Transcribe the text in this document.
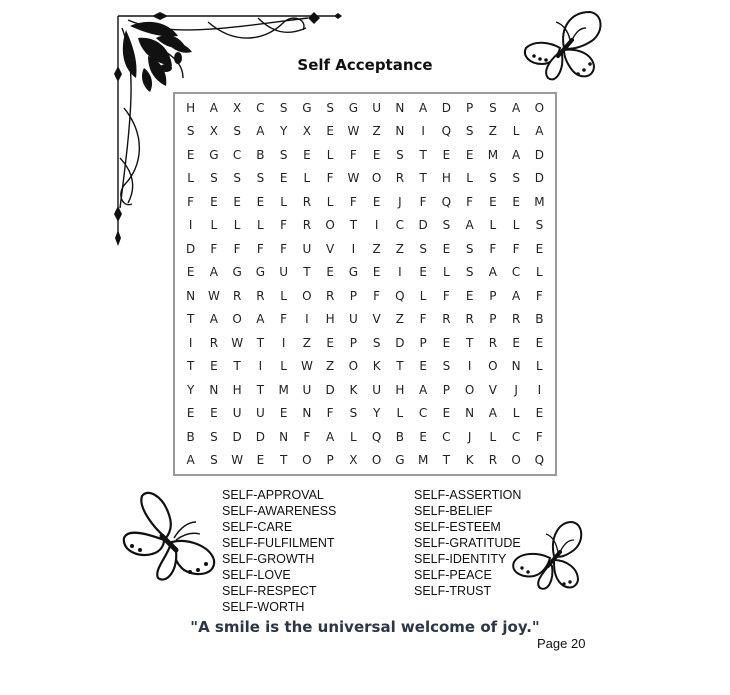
Self Acceptance
H	A	X	C	S	G	S	G	U	N	A	D	P	S	A	O
S	X	S	A	Y	X	E	W	Z	N	I	Q	S	Z	L	A
E	G	C	B	S	E	L	F	E	S	T	E	E	M	A	D
L	S	S	S	E	L	F	W	O	R	T	H	L	S	S	D
F	E	E	E	L	R	L	F	E	J	F	Q	F	E	E	M
I	L	L	L	F	R	O	T	I	C	D	S	A	L	L	S
D	F	F	F	F	U	V	I	Z	Z	S	E	S	F	F	E
E	A	G	G	U	T	E	G	E	I	E	L	S	A	C	L
N	W	R	R	L	O	R	P	F	Q	L	F	E	P	A	F
T	A	O	A	F	I	H	U	V	Z	F	R	R	P	R	B
I	R	W	T	I	Z	E	P	S	D	P	E	T	R	E	E
T	E	T	I	L	W	Z	O	K	T	E	S	I	O	N	L
Y	N	H	T	M	U	D	K	U	H	A	P	O	V	J	I
E	E	U	U	E	N	F	S	Y	L	C	E	N	A	L	E
B	S	D	D	N	F	A	L	Q	B	E	C	J	L	C	F
A	S	W	E	T	O	P	X	O	G	M	T	K	R	O	Q
SELF-APPROVAL
SELF-AWARENESS
SELF-CARE
SELF-FULFILMENT
SELF-GROWTH
SELF-LOVE
SELF-RESPECT
SELF-WORTH
SELF-ASSERTION
SELF-BELIEF
SELF-ESTEEM
SELF-GRATITUDE
SELF-IDENTITY
SELF-PEACE
SELF-TRUST
"A smile is the universal welcome of joy."
Page 20
